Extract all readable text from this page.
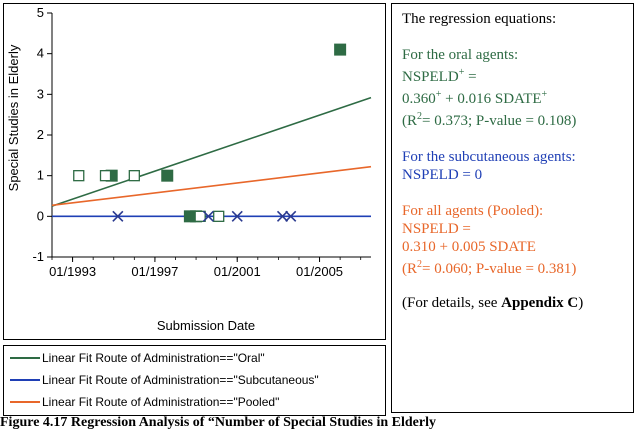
-1
0
1
2
3
4
5
01/1993	01/1997	01/2001	01/2005
Special Studies in Elderly
Submission Date
Linear Fit Route of Administration=="Oral"
Linear Fit Route of Administration=="Subcutaneous"
Linear Fit Route of Administration=="Pooled"

The regression equations:

For the oral agents:

NSPELD+ =

0.360+ + 0.016 SDATE+

($R^2= 0.373$; P-value = 0.108)

For the subcutaneous agents:

NSPELD = 0

For all agents (Pooled):

NSPELD =

0.310 + 0.005 SDATE

($R^2= 0.060$; P-value = 0.381)

(For details, see Appendix C)

Figure 4.17 Regression Analysis of “Number of Special Studies in Elderly
